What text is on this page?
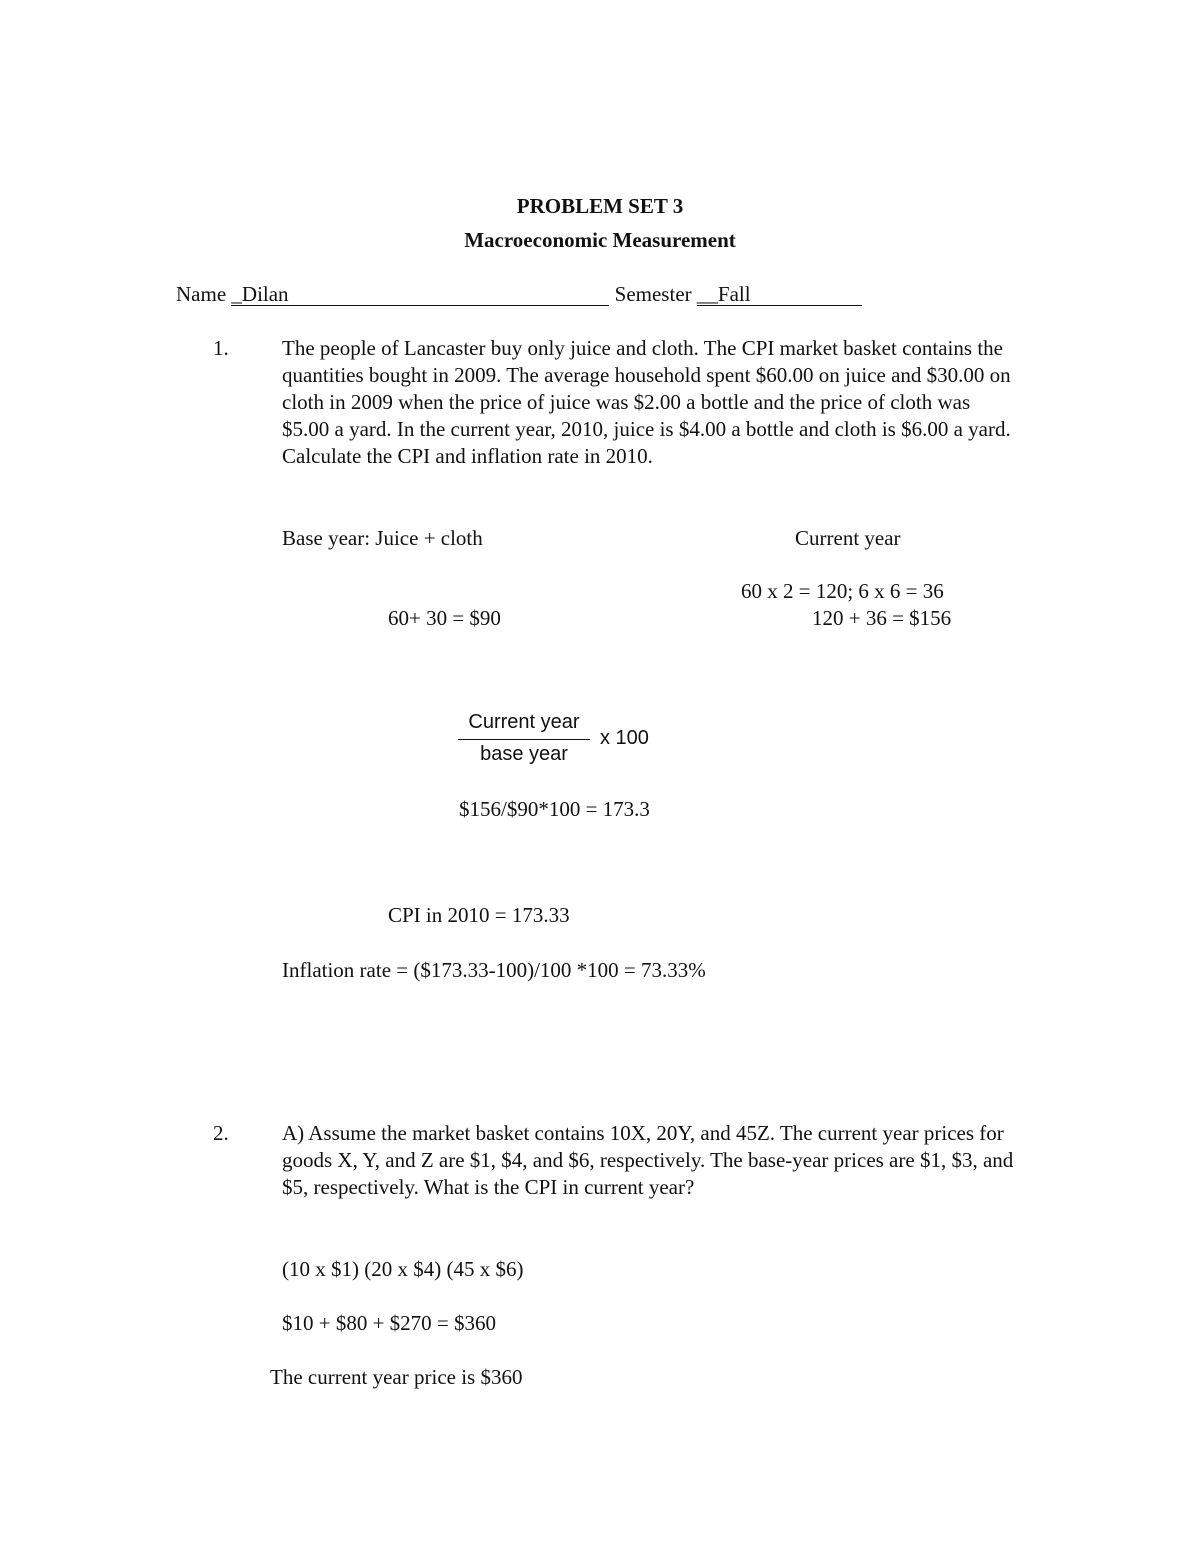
PROBLEM SET 3
Macroeconomic Measurement
Name _Dilan	Semester __Fall
1.	The people of Lancaster buy only juice and cloth. The CPI market basket contains the quantities bought in 2009. The average household spent $60.00 on juice and $30.00 on cloth in 2009 when the price of juice was $2.00 a bottle and the price of cloth was $5.00 a yard. In the current year, 2010, juice is $4.00 a bottle and cloth is $6.00 a yard. Calculate the CPI and inflation rate in 2010.
Base year: Juice + cloth	Current year
60 x 2 = 120; 6 x 6 = 36
60+ 30 = $90	120 + 36 = $156
Current year
base year
x 100
$156/$90*100 = 173.3
CPI in 2010 = 173.33
Inflation rate = ($173.33-100)/100 *100 = 73.33%
2.	A) Assume the market basket contains 10X, 20Y, and 45Z. The current year prices for goods X, Y, and Z are $1, $4, and $6, respectively. The base-year prices are $1, $3, and $5, respectively. What is the CPI in current year?
(10 x $1) (20 x $4) (45 x $6)
$10 + $80 + $270 = $360
The current year price is $360
